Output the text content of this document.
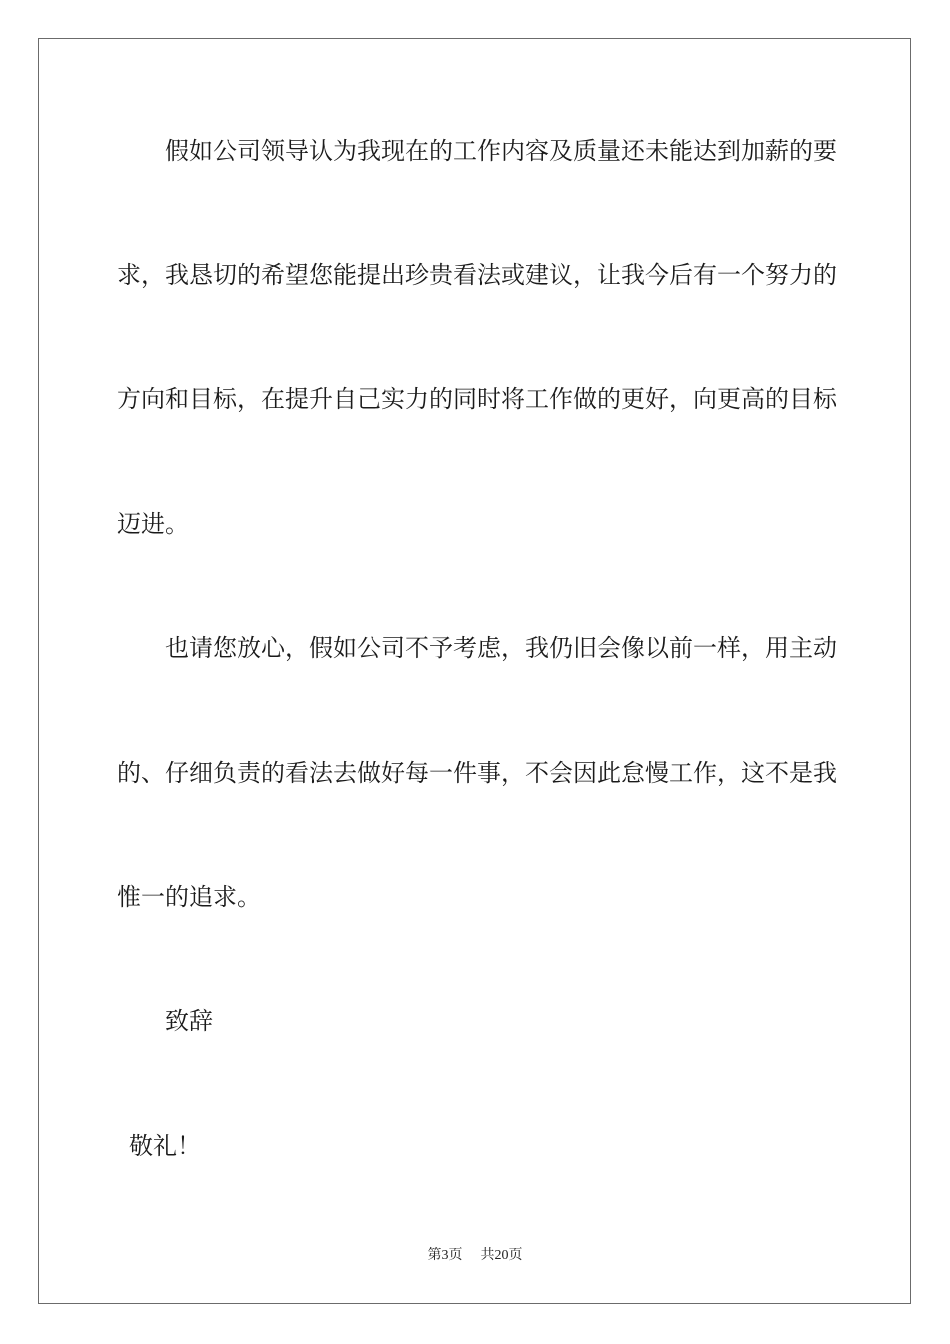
假如公司领导认为我现在的工作内容及质量还未能达到加薪的要
求，我恳切的希望您能提出珍贵看法或建议，让我今后有一个努力的
方向和目标，在提升自己实力的同时将工作做的更好，向更高的目标
迈进。
也请您放心，假如公司不予考虑，我仍旧会像以前一样，用主动
的、仔细负责的看法去做好每一件事，不会因此怠慢工作，这不是我
惟一的追求。
致辞
敬礼！
第3页 共20页
